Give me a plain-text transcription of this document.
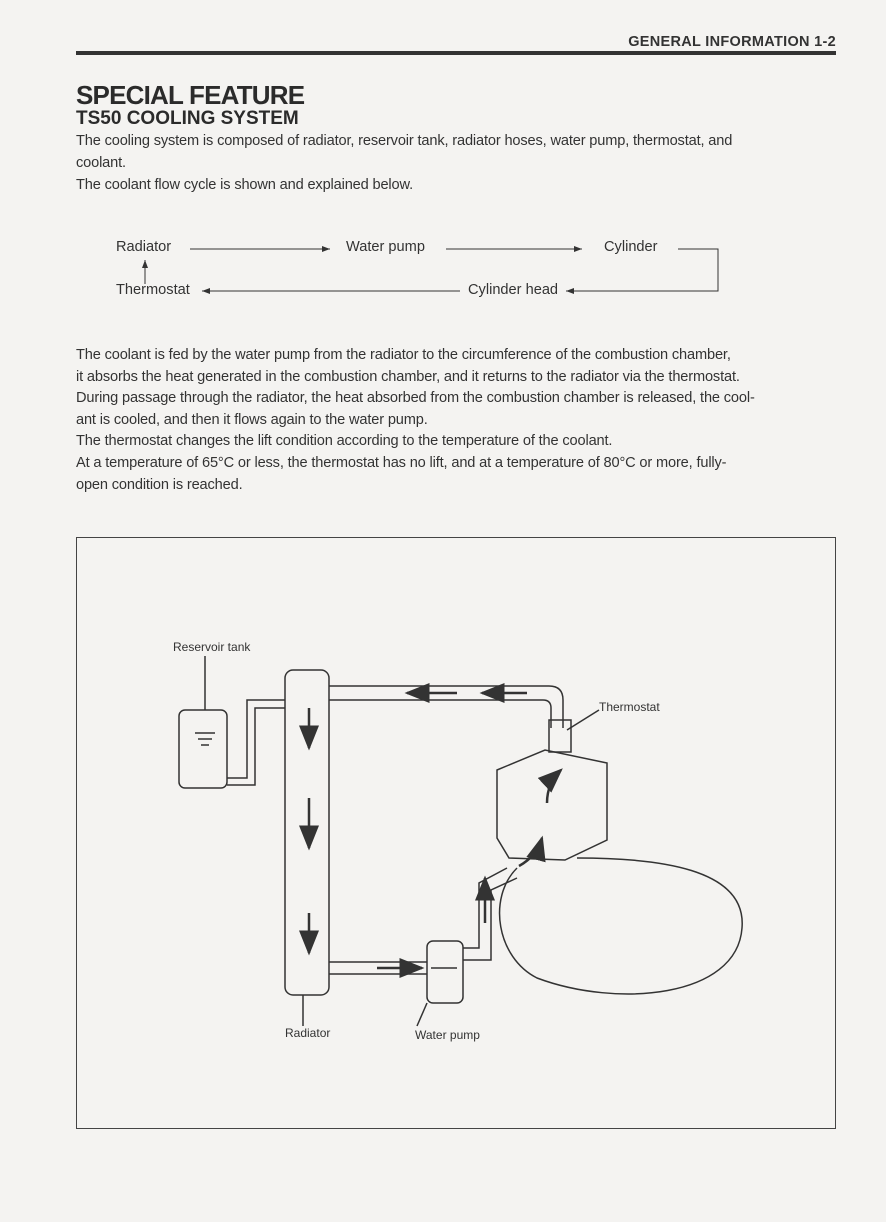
GENERAL INFORMATION 1-2
SPECIAL FEATURE
TS50 COOLING SYSTEM
The cooling system is composed of radiator, reservoir tank, radiator hoses, water pump, thermostat, and
coolant.
The coolant flow cycle is shown and explained below.
Radiator	Water pump	Cylinder
Thermostat	Cylinder head
The coolant is fed by the water pump from the radiator to the circumference of the combustion chamber,
it absorbs the heat generated in the combustion chamber, and it returns to the radiator via the thermostat.
During passage through the radiator, the heat absorbed from the combustion chamber is released, the cool-
ant is cooled, and then it flows again to the water pump.
The thermostat changes the lift condition according to the temperature of the coolant.
At a temperature of 65°C or less, the thermostat has no lift, and at a temperature of 80°C or more, fully-
open condition is reached.
Reservoir tank
Thermostat
Radiator	Water pump
